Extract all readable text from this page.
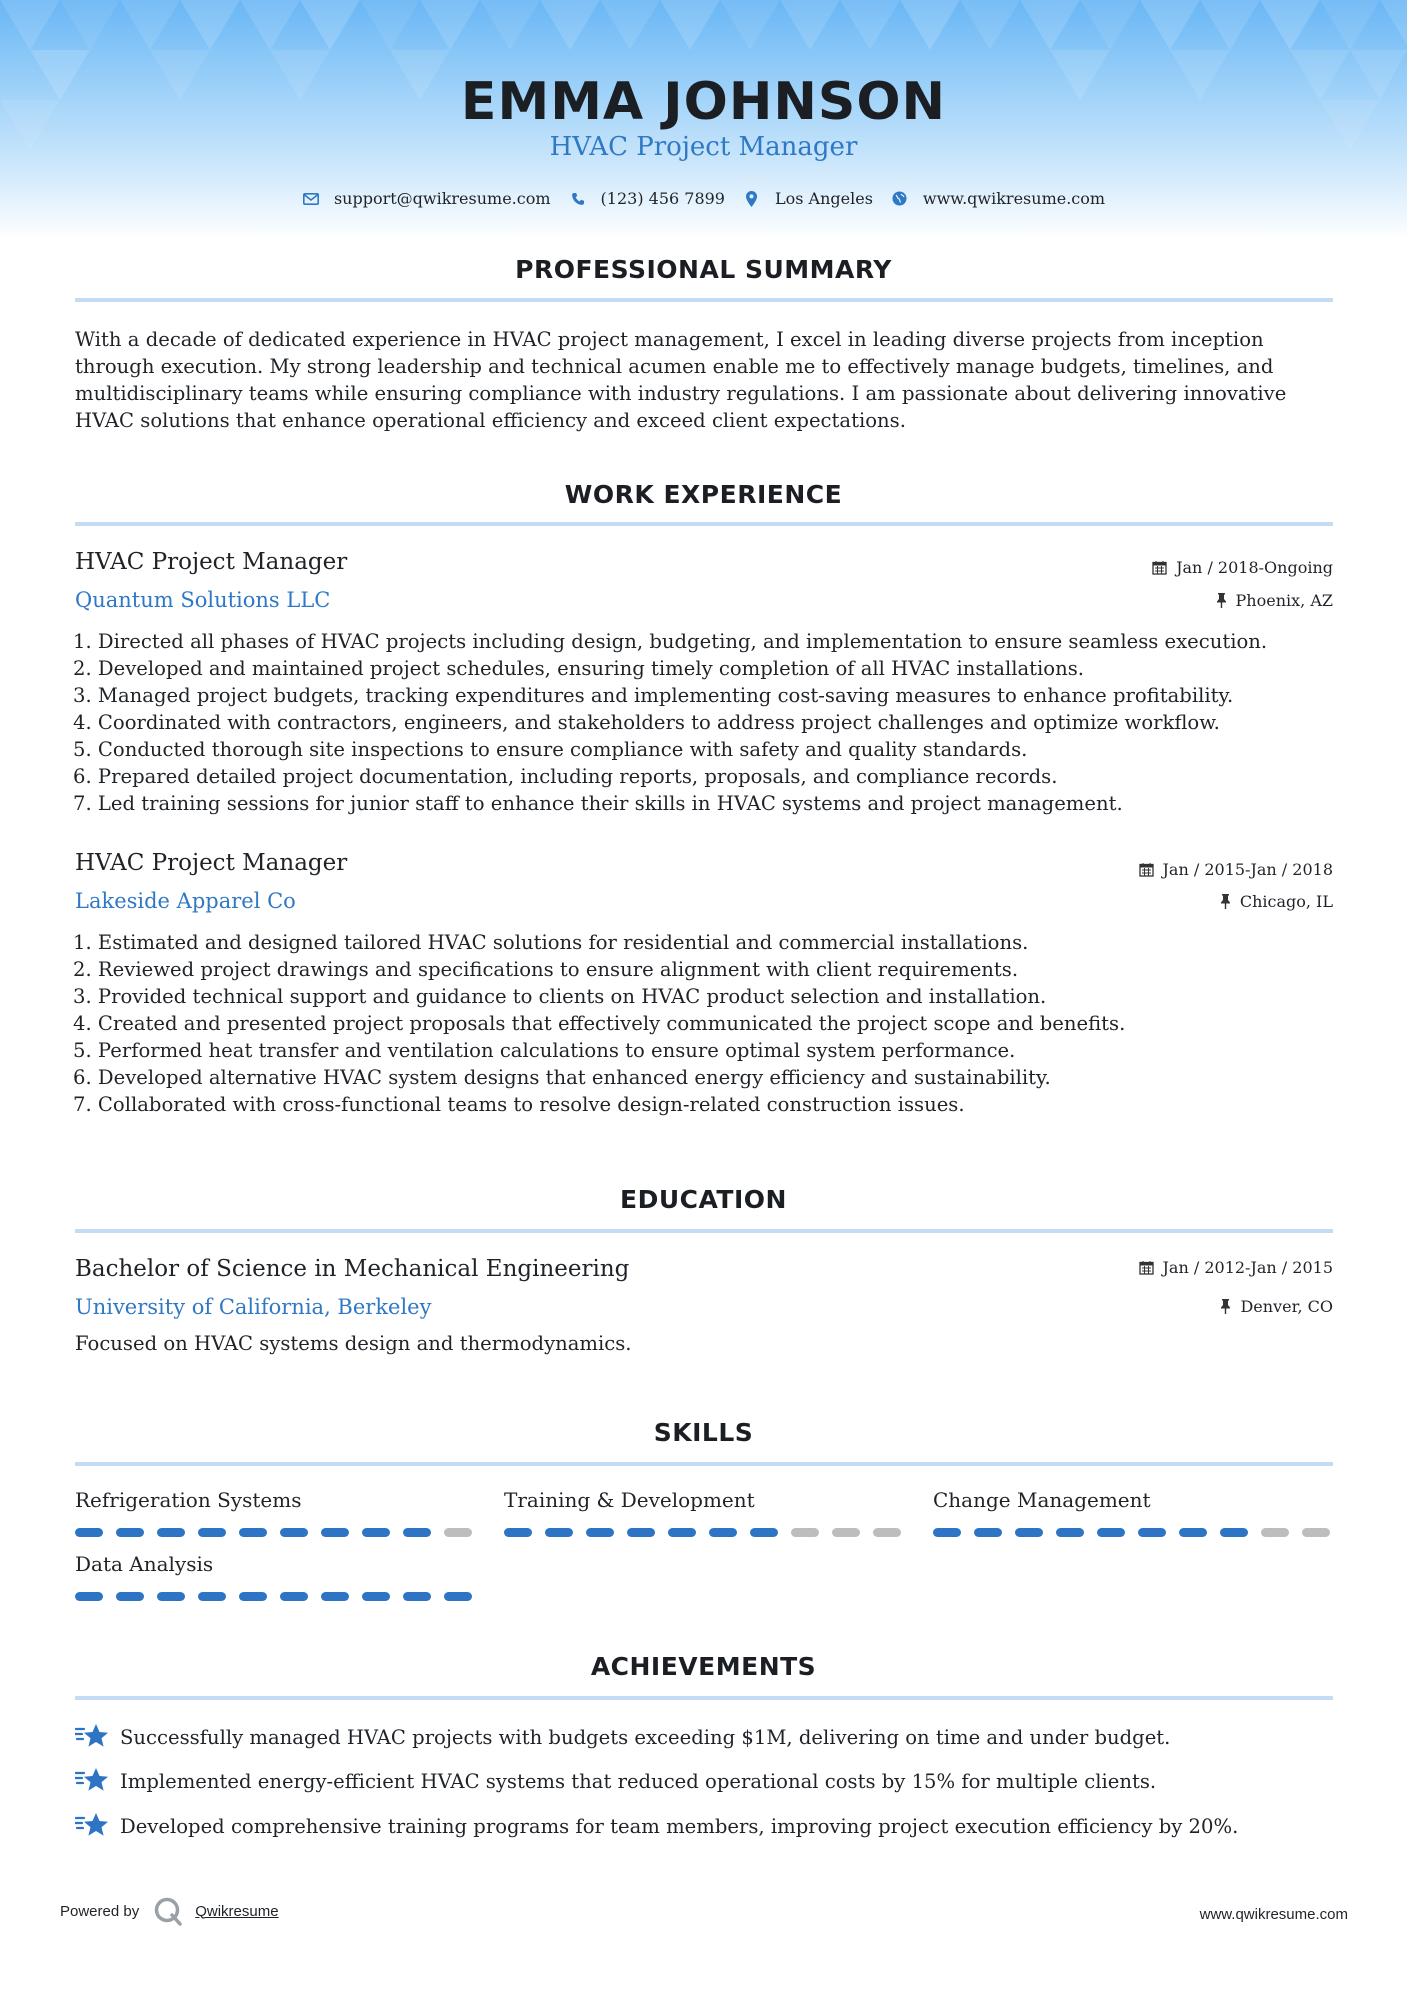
EMMA JOHNSON
HVAC Project Manager
support@qwikresume.com	(123) 456 7899	Los Angeles	www.qwikresume.com
PROFESSIONAL SUMMARY

With a decade of dedicated experience in HVAC project management, I excel in leading diverse projects from inception through execution. My strong leadership and technical acumen enable me to effectively manage budgets, timelines, and multidisciplinary teams while ensuring compliance with industry regulations. I am passionate about delivering innovative HVAC solutions that enhance operational efficiency and exceed client expectations.

WORK EXPERIENCE
HVAC Project Manager
Quantum Solutions LLC
Jan / 2018-Ongoing
Phoenix, AZ
1. Directed all phases of HVAC projects including design, budgeting, and implementation to ensure seamless execution.
2. Developed and maintained project schedules, ensuring timely completion of all HVAC installations.
3. Managed project budgets, tracking expenditures and implementing cost-saving measures to enhance profitability.
4. Coordinated with contractors, engineers, and stakeholders to address project challenges and optimize workflow.
5. Conducted thorough site inspections to ensure compliance with safety and quality standards.
6. Prepared detailed project documentation, including reports, proposals, and compliance records.
7. Led training sessions for junior staff to enhance their skills in HVAC systems and project management.
HVAC Project Manager
Lakeside Apparel Co
Jan / 2015-Jan / 2018
Chicago, IL
1. Estimated and designed tailored HVAC solutions for residential and commercial installations.
2. Reviewed project drawings and specifications to ensure alignment with client requirements.
3. Provided technical support and guidance to clients on HVAC product selection and installation.
4. Created and presented project proposals that effectively communicated the project scope and benefits.
5. Performed heat transfer and ventilation calculations to ensure optimal system performance.
6. Developed alternative HVAC system designs that enhanced energy efficiency and sustainability.
7. Collaborated with cross-functional teams to resolve design-related construction issues.
EDUCATION
Bachelor of Science in Mechanical Engineering
University of California, Berkeley
Jan / 2012-Jan / 2015
Denver, CO
Focused on HVAC systems design and thermodynamics.
SKILLS
Refrigeration Systems	Training & Development	Change Management
Data Analysis
ACHIEVEMENTS
Successfully managed HVAC projects with budgets exceeding $1M, delivering on time and under budget.
Implemented energy-efficient HVAC systems that reduced operational costs by 15% for multiple clients.
Developed comprehensive training programs for team members, improving project execution efficiency by 20%.
Powered by	Qwikresume	www.qwikresume.com
